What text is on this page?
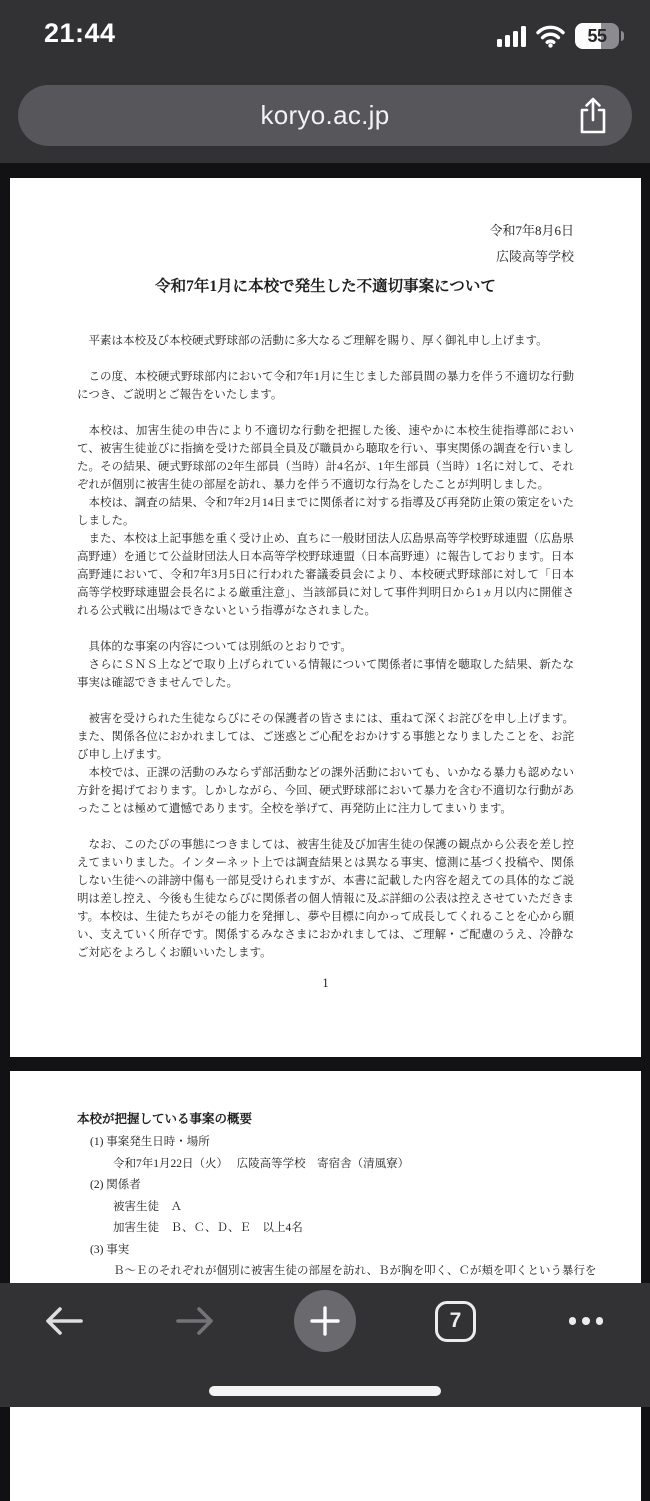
21:44	55
koryo.ac.jp
令和7年8月6日
広陵高等学校
令和7年1月に本校で発生した不適切事案について

平素は本校及び本校硬式野球部の活動に多大なるご理解を賜り、厚く御礼申し上げます。

この度、本校硬式野球部内において令和7年1月に生じました部員間の暴力を伴う不適切な行動につき、ご説明とご報告をいたします。

本校は、加害生徒の申告により不適切な行動を把握した後、速やかに本校生徒指導部において、被害生徒並びに指摘を受けた部員全員及び職員から聴取を行い、事実関係の調査を行いました。その結果、硬式野球部の2年生部員（当時）計4名が、1年生部員（当時）1名に対して、それぞれが個別に被害生徒の部屋を訪れ、暴力を伴う不適切な行為をしたことが判明しました。

本校は、調査の結果、令和7年2月14日までに関係者に対する指導及び再発防止策の策定をいたしました。

また、本校は上記事態を重く受け止め、直ちに一般財団法人広島県高等学校野球連盟（広島県高野連）を通じて公益財団法人日本高等学校野球連盟（日本高野連）に報告しております。日本高野連において、令和7年3月5日に行われた審議委員会により、本校硬式野球部に対して「日本高等学校野球連盟会長名による厳重注意」、当該部員に対して事件判明日から1ヵ月以内に開催される公式戦に出場はできないという指導がなされました。

具体的な事案の内容については別紙のとおりです。

さらにＳＮＳ上などで取り上げられている情報について関係者に事情を聴取した結果、新たな事実は確認できませんでした。

被害を受けられた生徒ならびにその保護者の皆さまには、重ねて深くお詫びを申し上げます。また、関係各位におかれましては、ご迷惑とご心配をおかけする事態となりましたことを、お詫び申し上げます。

本校では、正課の活動のみならず部活動などの課外活動においても、いかなる暴力も認めない方針を掲げております。しかしながら、今回、硬式野球部において暴力を含む不適切な行動があったことは極めて遺憾であります。全校を挙げて、再発防止に注力してまいります。

なお、このたびの事態につきましては、被害生徒及び加害生徒の保護の観点から公表を差し控えてまいりました。インターネット上では調査結果とは異なる事実、憶測に基づく投稿や、関係しない生徒への誹謗中傷も一部見受けられますが、本書に記載した内容を超えての具体的なご説明は差し控え、今後も生徒ならびに関係者の個人情報に及ぶ詳細の公表は控えさせていただきます。本校は、生徒たちがその能力を発揮し、夢や目標に向かって成長してくれることを心から願い、支えていく所存です。関係するみなさまにおかれましては、ご理解・ご配慮のうえ、冷静なご対応をよろしくお願いいたします。

1
本校が把握している事案の概要
(1) 事案発生日時・場所
令和7年1月22日（火）　 広陵高等学校　寄宿舎（清風寮）
(2) 関係者
被害生徒　Ａ
加害生徒　Ｂ、Ｃ、Ｄ、Ｅ　以上4名
(3) 事実
Ｂ～Ｅのそれぞれが個別に被害生徒の部屋を訪れ、Ｂが胸を叩く、Ｃが頬を叩くという暴行を
7
